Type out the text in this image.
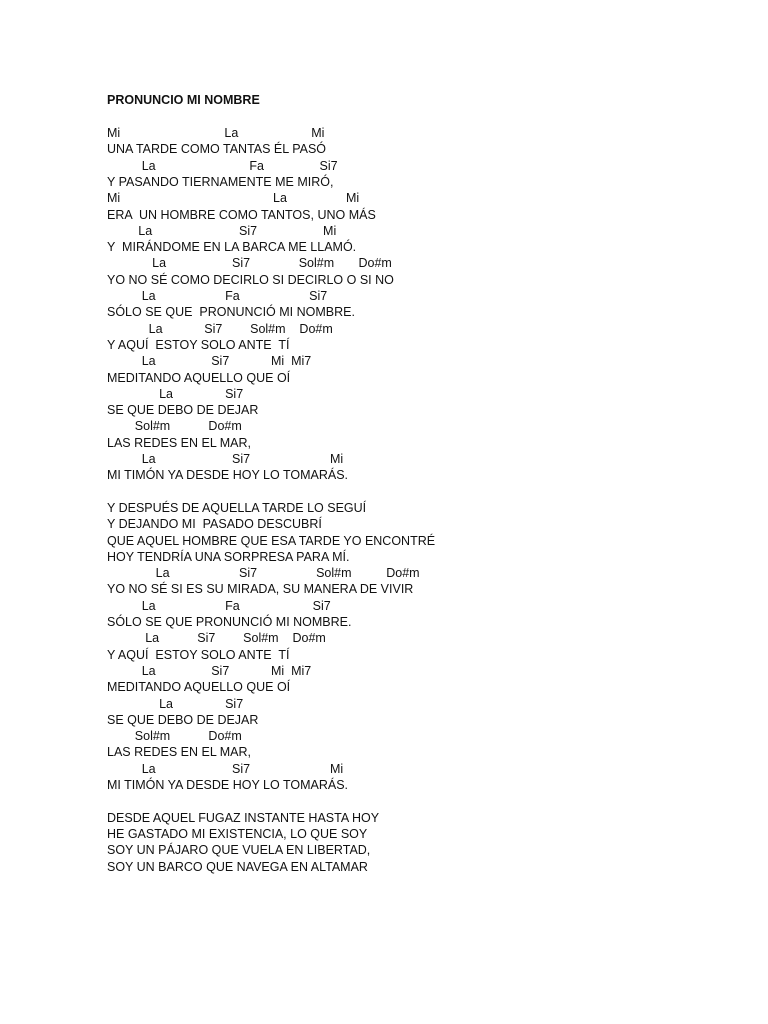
PRONUNCIO MI NOMBRE
Mi                              La                     Mi
UNA TARDE COMO TANTAS ÉL PASÓ
La                           Fa                Si7
Y PASANDO TIERNAMENTE ME MIRÓ,
Mi                                            La                 Mi
ERA  UN HOMBRE COMO TANTOS, UNO MÁS
La                         Si7                   Mi
Y  MIRÁNDOME EN LA BARCA ME LLAMÓ.
La                   Si7              Sol#m       Do#m
YO NO SÉ COMO DECIRLO SI DECIRLO O SI NO
La                    Fa                    Si7
SÓLO SE QUE  PRONUNCIÓ MI NOMBRE.
La            Si7        Sol#m    Do#m
Y AQUÍ  ESTOY SOLO ANTE  TÍ
La                Si7            Mi  Mi7
MEDITANDO AQUELLO QUE OÍ
La               Si7
SE QUE DEBO DE DEJAR
Sol#m           Do#m
LAS REDES EN EL MAR,
La                      Si7                       Mi
MI TIMÓN YA DESDE HOY LO TOMARÁS.
Y DESPUÉS DE AQUELLA TARDE LO SEGUÍ
Y DEJANDO MI  PASADO DESCUBRÍ
QUE AQUEL HOMBRE QUE ESA TARDE YO ENCONTRÉ
HOY TENDRÍA UNA SORPRESA PARA MÍ.
La                    Si7                 Sol#m          Do#m
YO NO SÉ SI ES SU MIRADA, SU MANERA DE VIVIR
La                    Fa                     Si7
SÓLO SE QUE PRONUNCIÓ MI NOMBRE.
La           Si7        Sol#m    Do#m
Y AQUÍ  ESTOY SOLO ANTE  TÍ
La                Si7            Mi  Mi7
MEDITANDO AQUELLO QUE OÍ
La               Si7
SE QUE DEBO DE DEJAR
Sol#m           Do#m
LAS REDES EN EL MAR,
La                      Si7                       Mi
MI TIMÓN YA DESDE HOY LO TOMARÁS.
DESDE AQUEL FUGAZ INSTANTE HASTA HOY
HE GASTADO MI EXISTENCIA, LO QUE SOY
SOY UN PÁJARO QUE VUELA EN LIBERTAD,
SOY UN BARCO QUE NAVEGA EN ALTAMAR
